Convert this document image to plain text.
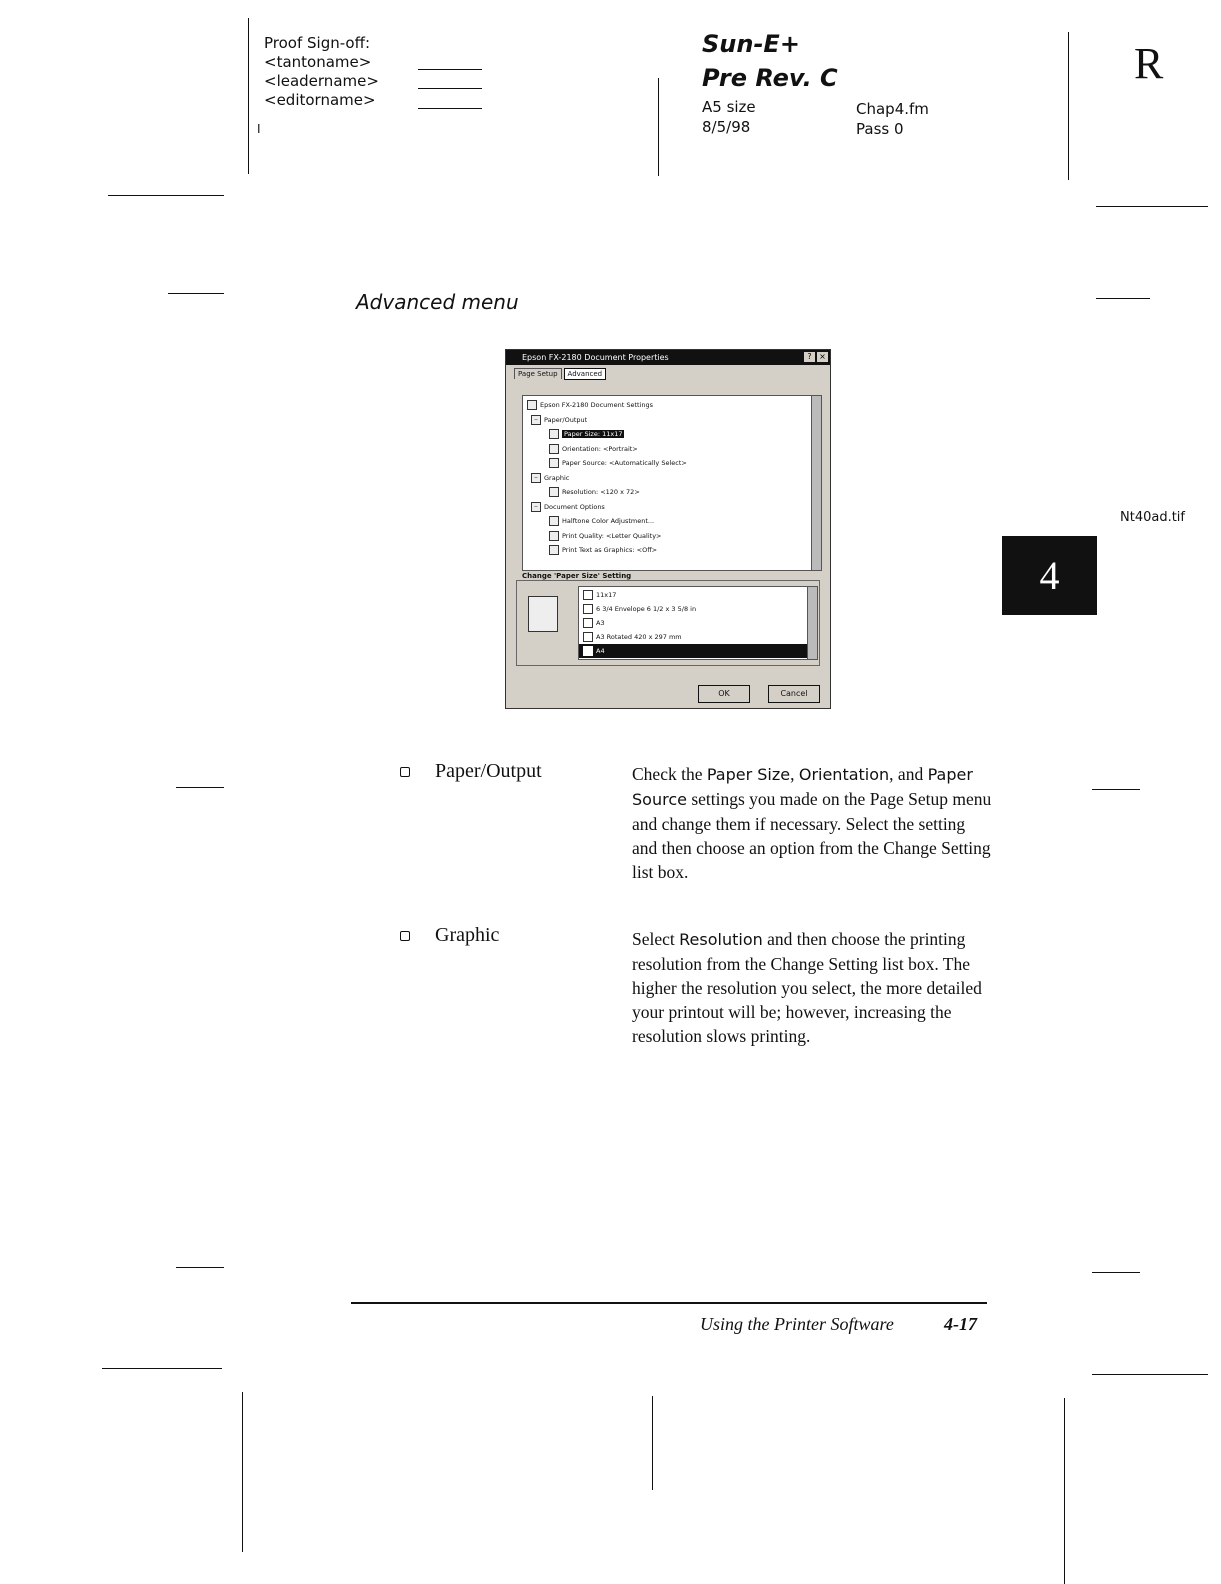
Proof Sign-off:
<tantoname>
<leadername>
<editorname>
I
Sun-E+
Pre Rev. C
A5 size
8/5/98
Chap4.fm
Pass 0
R
Advanced menu
Epson FX-2180 Document Properties	? ×
Page Setup Advanced
Epson FX-2180 Document Settings
− Paper/Output
Paper Size: 11x17
Orientation: <Portrait>
Paper Source: <Automatically Select>
− Graphic
Resolution: <120 x 72>
− Document Options
Halftone Color Adjustment...
Print Quality: <Letter Quality>
Print Text as Graphics: <Off>
Change 'Paper Size' Setting
11x17
6 3/4 Envelope 6 1/2 x 3 5/8 in
A3
A3 Rotated 420 x 297 mm
A4
OK	Cancel
Paper/Output	Check the Paper Size, Orientation, and Paper Source settings you made on the Page Setup menu and change them if necessary. Select the setting and then choose an option from the Change Setting list box.
Graphic	Select Resolution and then choose the printing resolution from the Change Setting list box. The higher the resolution you select, the more detailed your printout will be; however, increasing the resolution slows printing.
Nt40ad.tif
4
Using the Printer Software	4-17
